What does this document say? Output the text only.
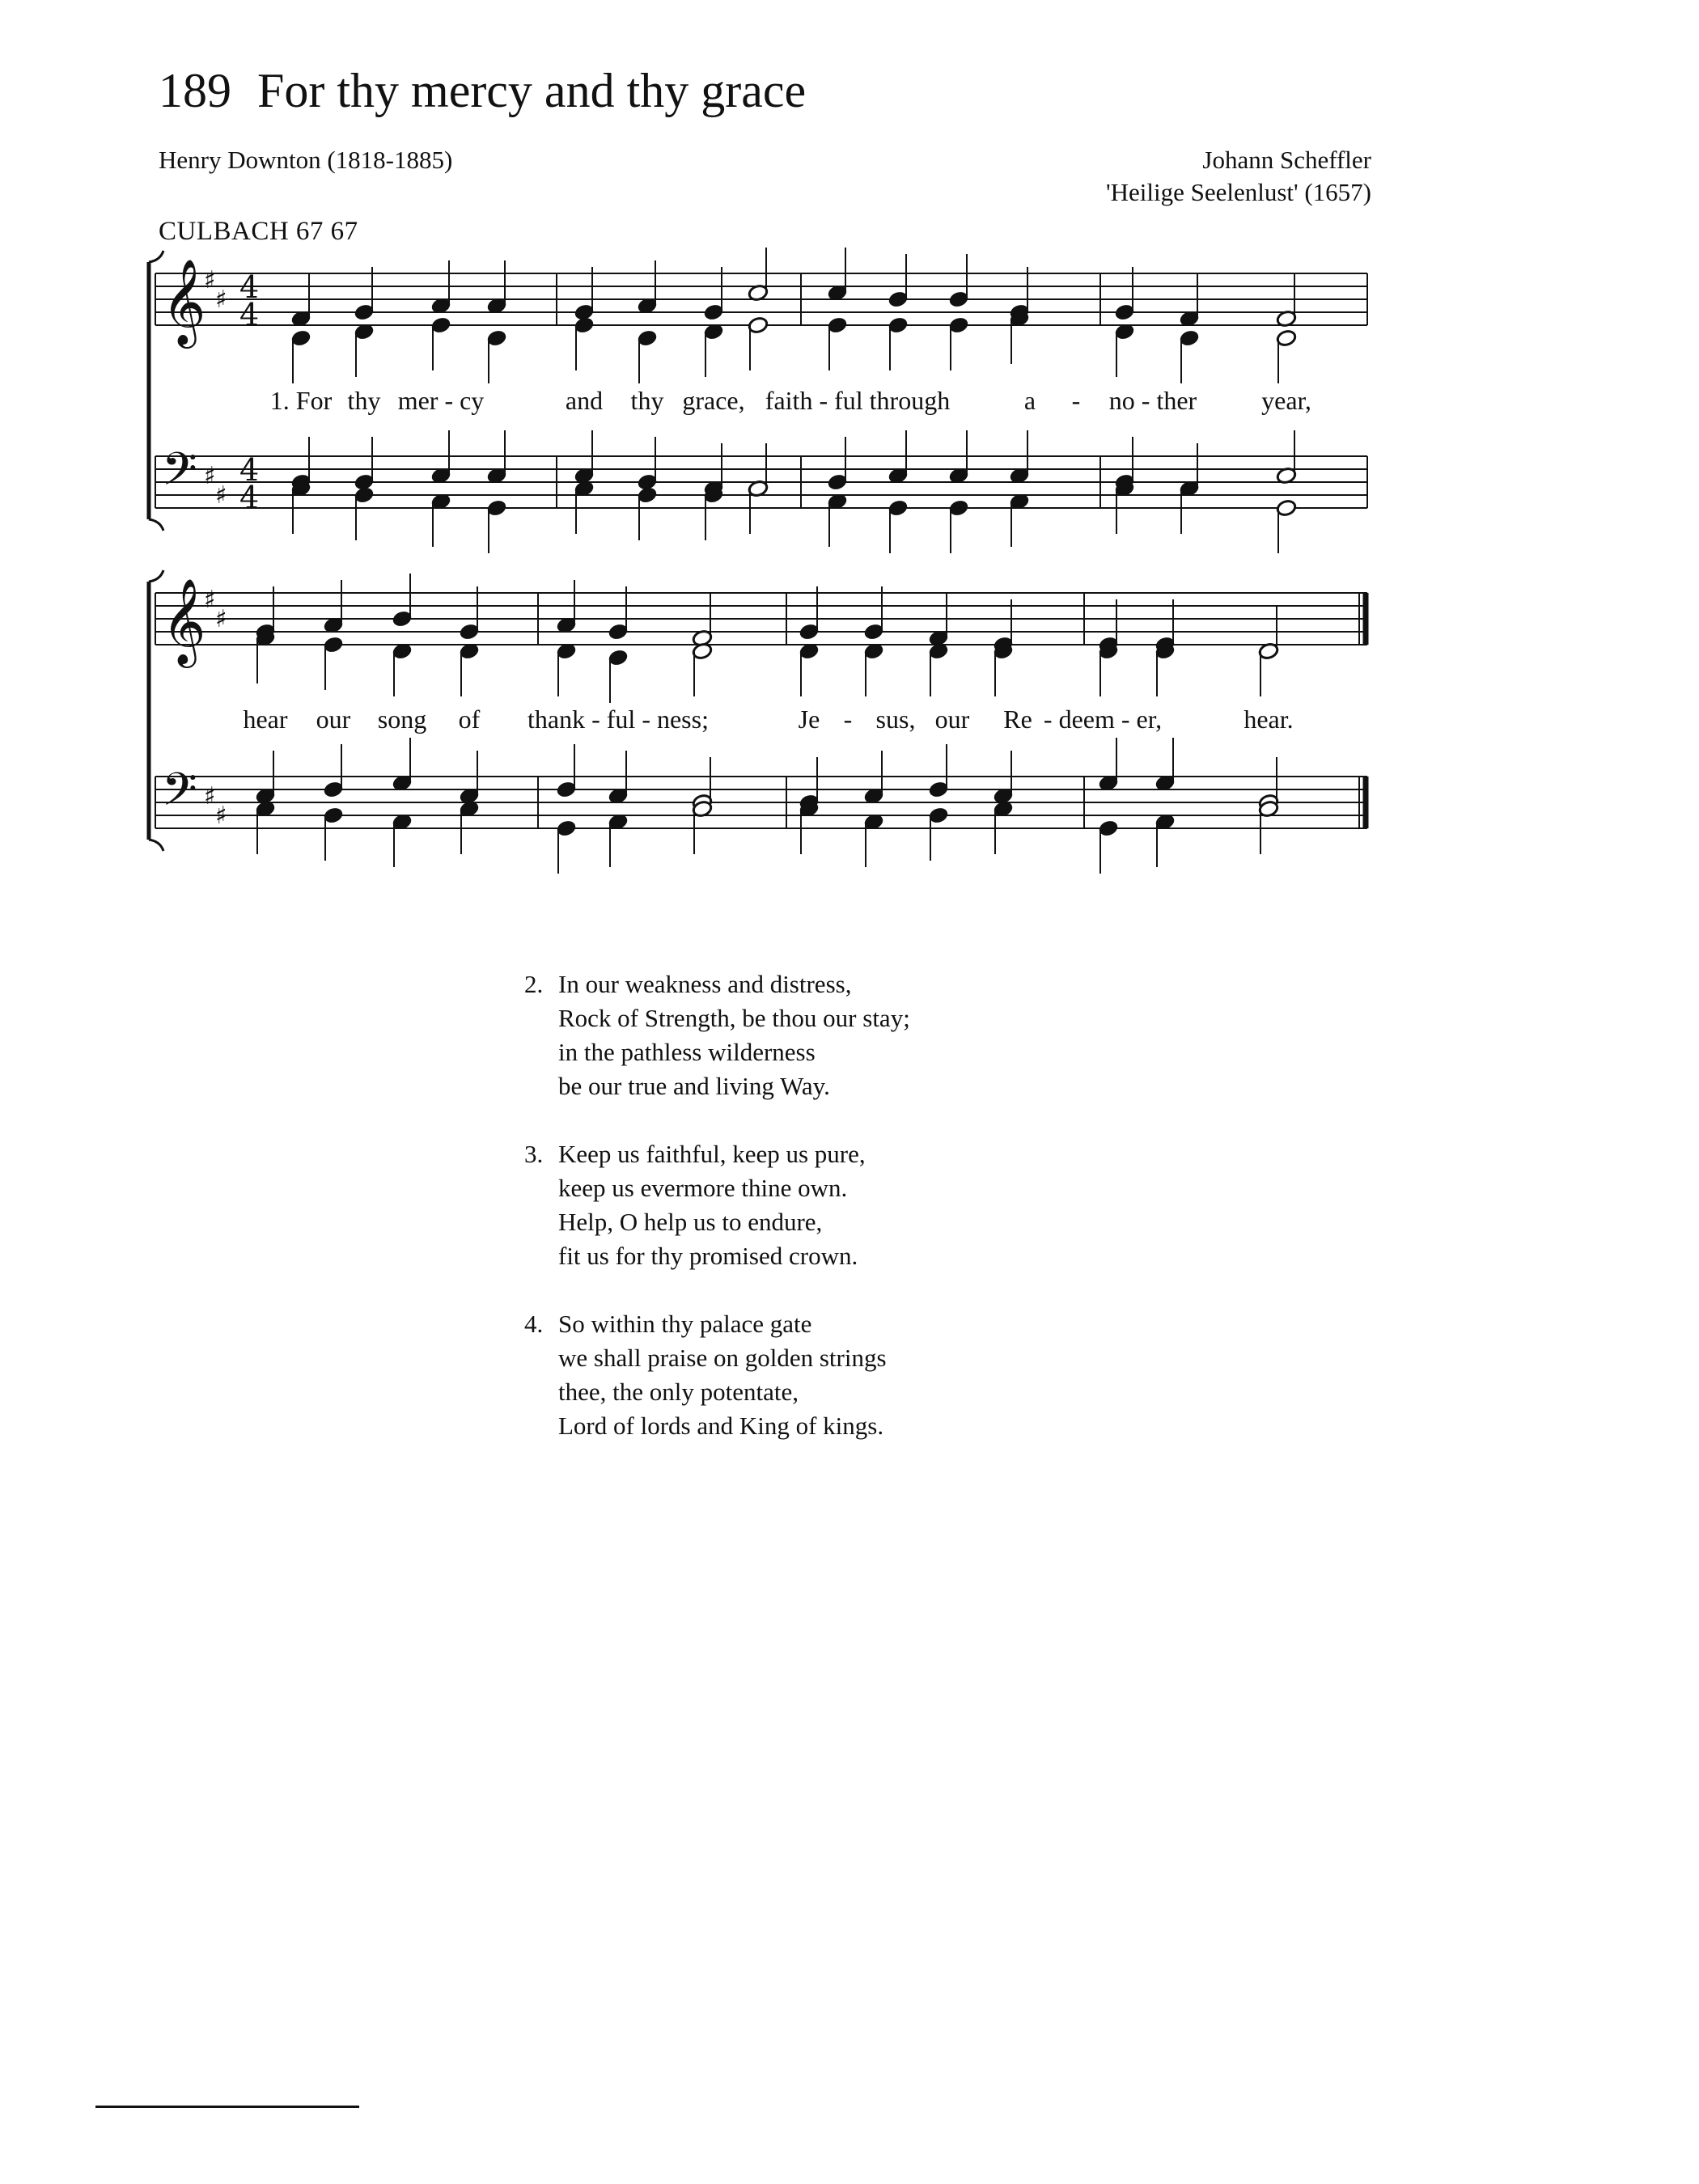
189 For thy mercy and thy grace
Henry Downton (1818-1885)	Johann Scheffler
'Heilige Seelenlust' (1657)
CULBACH 67 67
𝄞
♯
♯
𝄞
♯
♯
𝄢 ♯
♯
𝄢 ♯
♯
4
4
4
4
1. For thy mer - cy	and thy grace, faith - ful through	a - no - ther year,
hear our song of thank - ful - ness;	Je - sus, our Re - deem - er,	hear.
2. In our weakness and distress,
Rock of Strength, be thou our stay;
in the pathless wilderness
be our true and living Way.
3. Keep us faithful, keep us pure,
keep us evermore thine own.
Help, O help us to endure,
fit us for thy promised crown.
4. So within thy palace gate
we shall praise on golden strings
thee, the only potentate,
Lord of lords and King of kings.
